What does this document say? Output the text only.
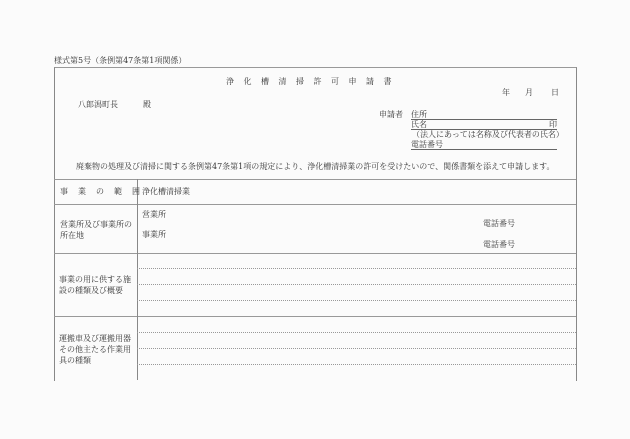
様式第5号（条例第47条第1項関係）
浄化槽清掃許可申請書
年 月 日
八郎潟町長	殿
申請者 住所
氏名	印
（法人にあっては名称及び代表者の氏名）
電話番号
廃棄物の処理及び清掃に関する条例第47条第1項の規定により、浄化槽清掃業の許可を受けたいので、関係書類を添えて申請します。
事業の範囲
浄化槽清掃業
営業所及び事業所の
所在地
営業所
事業所
電話番号
電話番号
事業の用に供する施
設の種類及び概要
運搬車及び運搬用器
その他主たる作業用
具の種類
